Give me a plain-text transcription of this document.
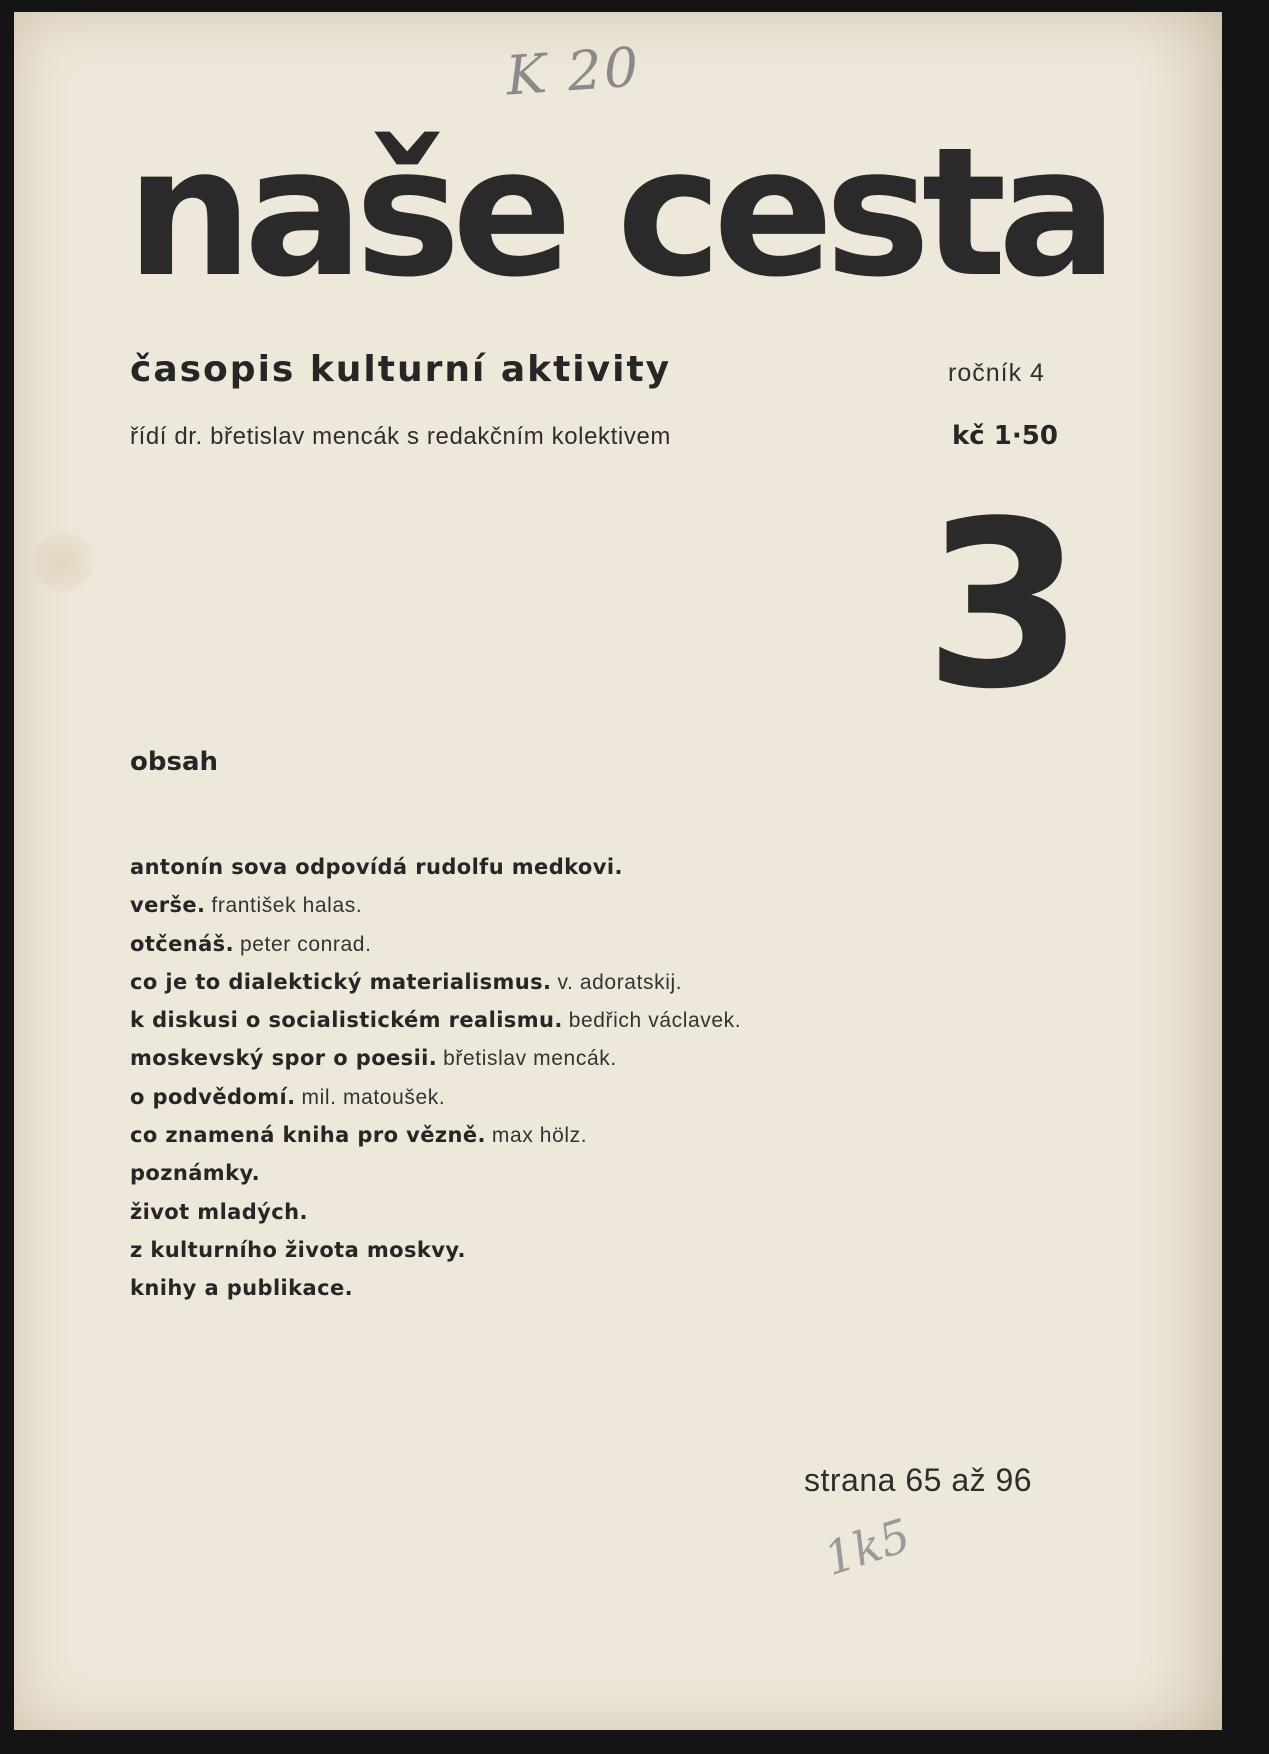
K 20
naše cesta
časopis kulturní aktivity	ročník 4
řídí dr. břetislav mencák s redakčním kolektivem	kč 1·50
3
obsah
antonín sova odpovídá rudolfu medkovi.
verše. františek halas.
otčenáš. peter conrad.
co je to dialektický materialismus. v. adoratskij.
k diskusi o socialistickém realismu. bedřich václavek.
moskevský spor o poesii. břetislav mencák.
o podvědomí. mil. matoušek.
co znamená kniha pro vězně. max hölz.
poznámky.
život mladých.
z kulturního života moskvy.
knihy a publikace.
strana 65 až 96
1k5
